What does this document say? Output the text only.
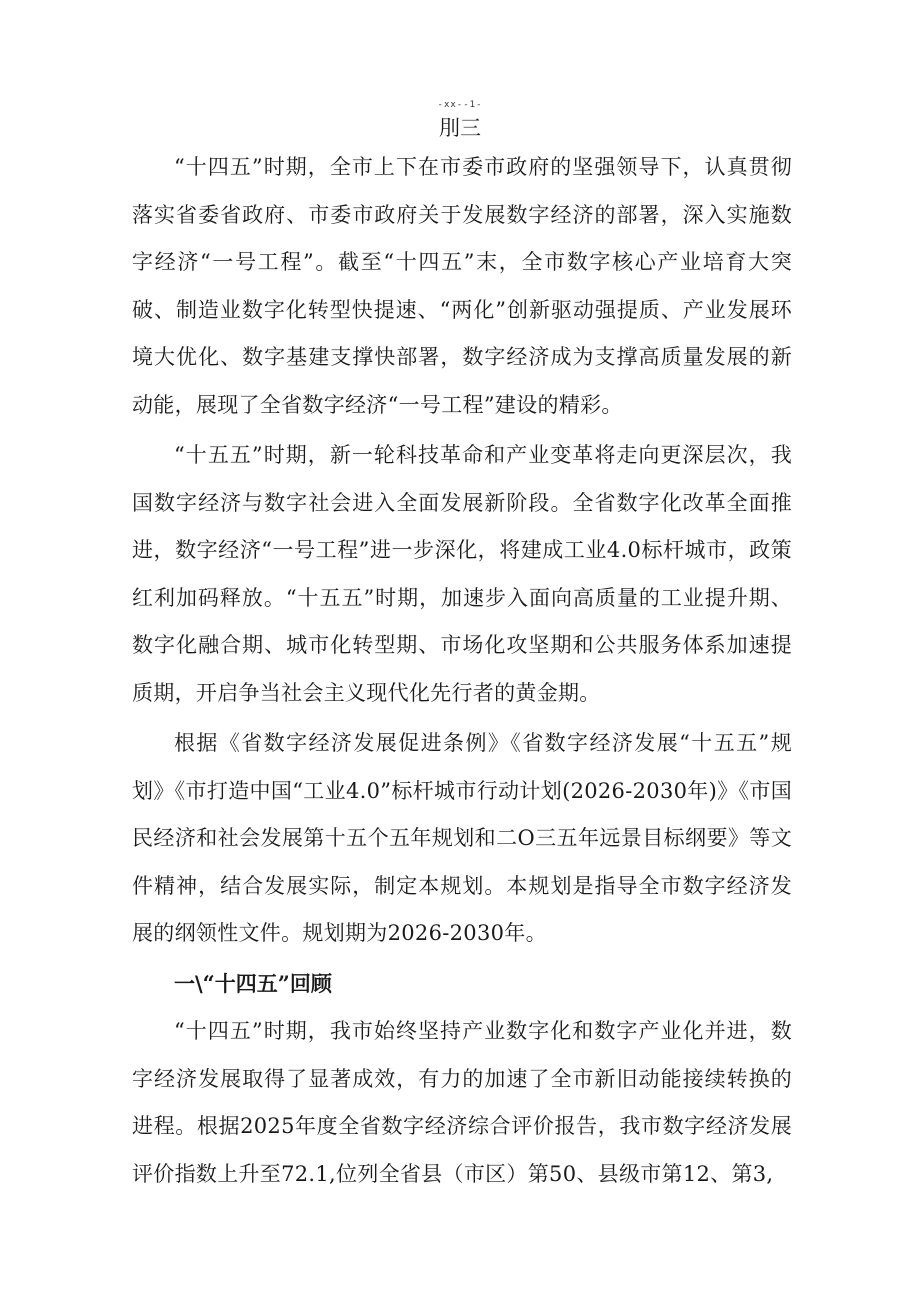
-xx--1-
刖三

“十四五”时期，全市上下在市委市政府的坚强领导下，认真贯彻落实省委省政府、市委市政府关于发展数字经济的部署，深入实施数字经济“一号工程”。截至“十四五”末，全市数字核心产业培育大突破、制造业数字化转型快提速、“两化”创新驱动强提质、产业发展环境大优化、数字基建支撑快部署，数字经济成为支撑高质量发展的新动能，展现了全省数字经济“一号工程”建设的精彩。

“十五五”时期，新一轮科技革命和产业变革将走向更深层次，我国数字经济与数字社会进入全面发展新阶段。全省数字化改革全面推进，数字经济“一号工程”进一步深化，将建成工业4.0标杆城市，政策红利加码释放。“十五五”时期，加速步入面向高质量的工业提升期、数字化融合期、城市化转型期、市场化攻坚期和公共服务体系加速提质期，开启争当社会主义现代化先行者的黄金期。

根据《省数字经济发展促进条例》《省数字经济发展“十五五”规划》《市打造中国“工业4.0”标杆城市行动计划(2026-2030年)》《市国民经济和社会发展第十五个五年规划和二O三五年远景目标纲要》等文件精神，结合发展实际，制定本规划。本规划是指导全市数字经济发展的纲领性文件。规划期为2026-2030年。

一\“十四五”回顾

“十四五”时期，我市始终坚持产业数字化和数字产业化并进，数字经济发展取得了显著成效，有力的加速了全市新旧动能接续转换的进程。根据2025年度全省数字经济综合评价报告，我市数字经济发展评价指数上升至72.1,位列全省县（市区）第50、县级市第12、第3,
